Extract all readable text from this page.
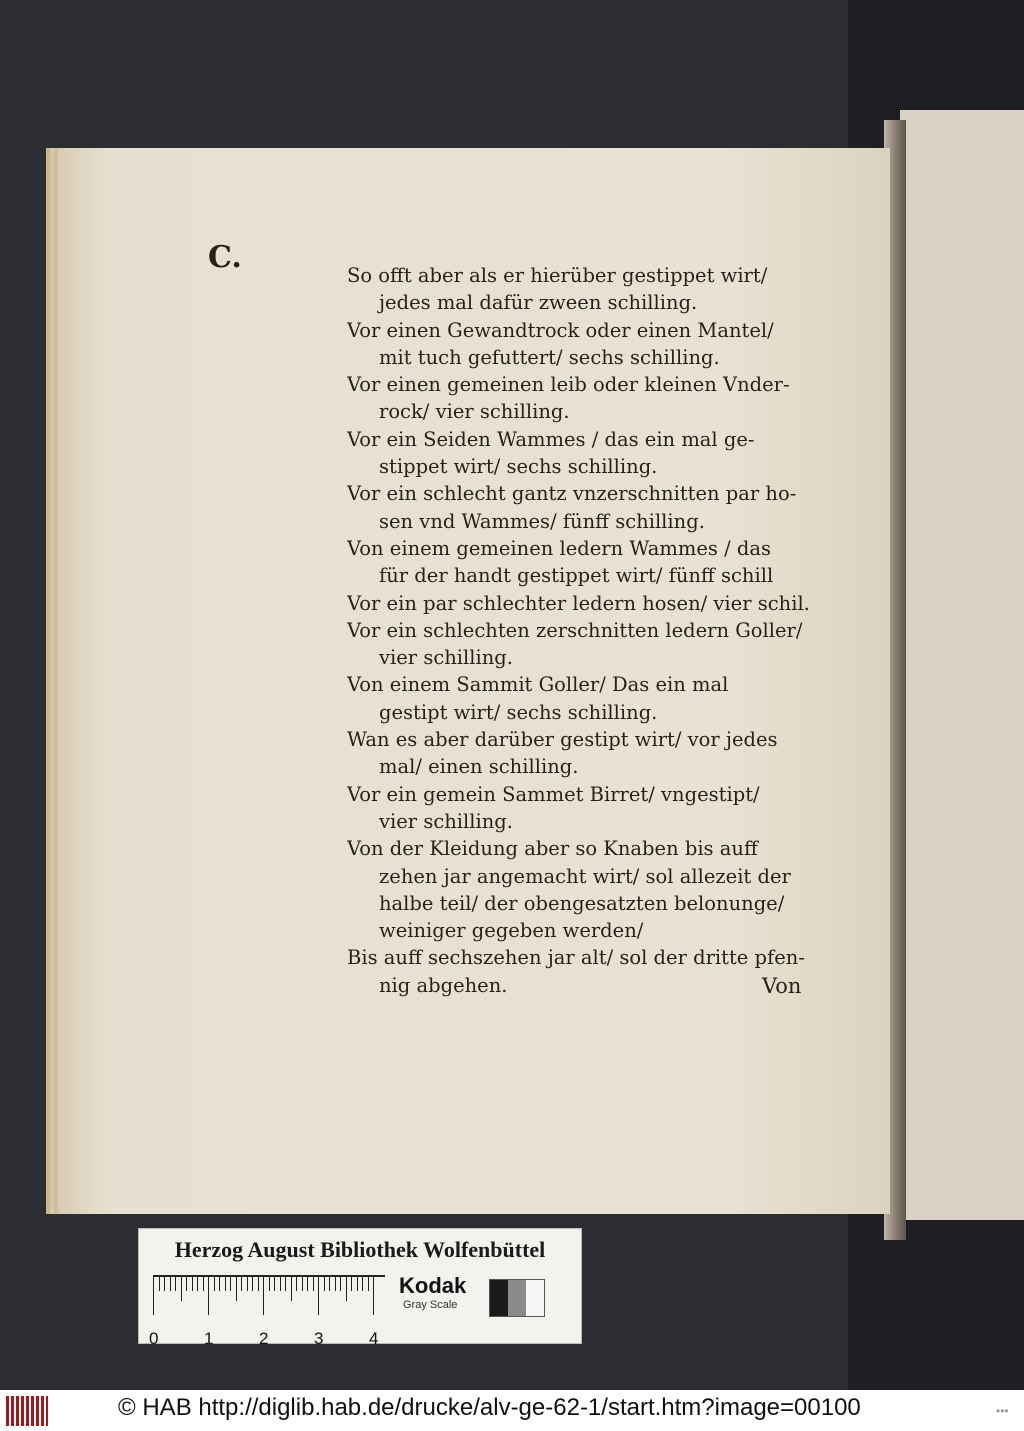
C.
So offt aber als er hierüber gestippet wirt/
jedes mal dafür zween schilling.
Vor einen Gewandtrock oder einen Mantel/
mit tuch gefuttert/ sechs schilling.
Vor einen gemeinen leib oder kleinen Vnder-
rock/ vier schilling.
Vor ein Seiden Wammes / das ein mal ge-
stippet wirt/ sechs schilling.
Vor ein schlecht gantz vnzerschnitten par ho-
sen vnd Wammes/ fünff schilling.
Von einem gemeinen ledern Wammes / das
für der handt gestippet wirt/ fünff schill
Vor ein par schlechter ledern hosen/ vier schil.
Vor ein schlechten zerschnitten ledern Goller/
vier schilling.
Von einem Sammit Goller/ Das ein mal
gestipt wirt/ sechs schilling.
Wan es aber darüber gestipt wirt/ vor jedes
mal/ einen schilling.
Vor ein gemein Sammet Birret/ vngestipt/
vier schilling.
Von der Kleidung aber so Knaben bis auff
zehen jar angemacht wirt/ sol allezeit der
halbe teil/ der obengesatzten belonunge/
weiniger gegeben werden/
Bis auff sechszehen jar alt/ sol der dritte pfen-
nig abgehen.	Von
Herzog August Bibliothek Wolfenbüttel
0	1	2	3	4
Kodak
Gray Scale
© HAB http://diglib.hab.de/drucke/alv-ge-62-1/start.htm?image=00100	•••
